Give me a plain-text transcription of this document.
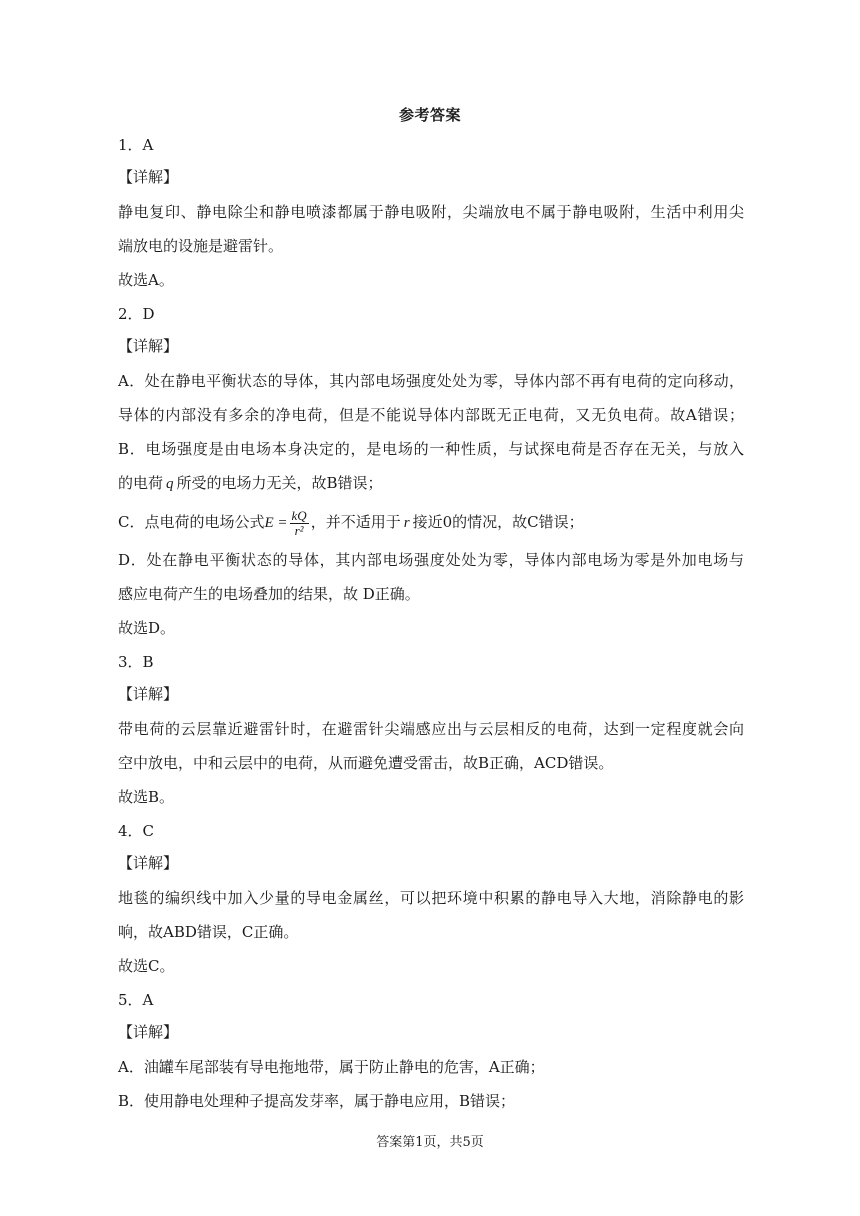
参考答案
1．A
【详解】
静电复印、静电除尘和静电喷漆都属于静电吸附，尖端放电不属于静电吸附，生活中利用尖
端放电的设施是避雷针。
故选A。
2．D
【详解】
A．处在静电平衡状态的导体，其内部电场强度处处为零，导体内部不再有电荷的定向移动，
导体的内部没有多余的净电荷，但是不能说导体内部既无正电荷，又无负电荷。故A错误；
B．电场强度是由电场本身决定的，是电场的一种性质，与试探电荷是否存在无关，与放入
的电荷 q 所受的电场力无关，故B错误；
C．点电荷的电场公式$E = \frac{kQ}{\text{r²}}$ ，并不适用于 r 接近0的情况，故C错误；
D．处在静电平衡状态的导体，其内部电场强度处处为零，导体内部电场为零是外加电场与
感应电荷产生的电场叠加的结果，故 D正确。
故选D。
3．B
【详解】
带电荷的云层靠近避雷针时，在避雷针尖端感应出与云层相反的电荷，达到一定程度就会向
空中放电，中和云层中的电荷，从而避免遭受雷击，故B正确，ACD错误。
故选B。
4．C
【详解】
地毯的编织线中加入少量的导电金属丝，可以把环境中积累的静电导入大地，消除静电的影
响，故ABD错误，C正确。
故选C。
5．A
【详解】
A．油罐车尾部装有导电拖地带，属于防止静电的危害，A正确；
B．使用静电处理种子提高发芽率，属于静电应用，B错误；
答案第1页，共5页
